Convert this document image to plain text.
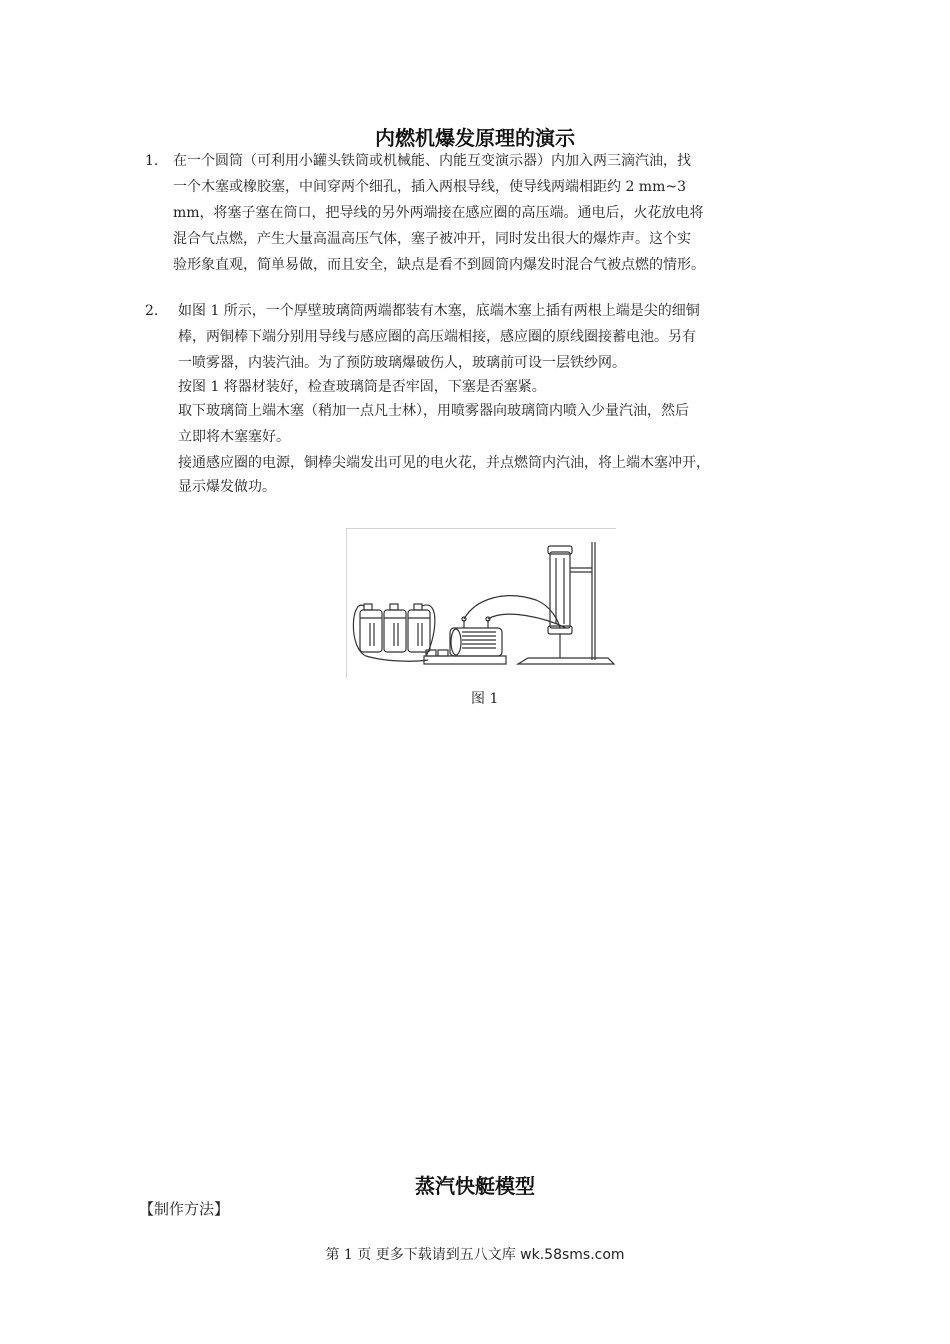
内燃机爆发原理的演示
1. 在一个圆筒（可利用小罐头铁筒或机械能、内能互变演示器）内加入两三滴汽油，找
一个木塞或橡胶塞，中间穿两个细孔，插入两根导线，使导线两端相距约 2 mm~3
mm，将塞子塞在筒口，把导线的另外两端接在感应圈的高压端。通电后，火花放电将
混合气点燃，产生大量高温高压气体，塞子被冲开，同时发出很大的爆炸声。这个实
验形象直观，简单易做，而且安全，缺点是看不到圆筒内爆发时混合气被点燃的情形。
2. 如图 1 所示，一个厚壁玻璃筒两端都装有木塞，底端木塞上插有两根上端是尖的细铜
棒，两铜棒下端分别用导线与感应圈的高压端相接，感应圈的原线圈接蓄电池。另有
一喷雾器，内装汽油。为了预防玻璃爆破伤人，玻璃前可设一层铁纱网。
按图 1 将器材装好，检查玻璃筒是否牢固，下塞是否塞紧。
取下玻璃筒上端木塞（稍加一点凡士林），用喷雾器向玻璃筒内喷入少量汽油，然后
立即将木塞塞好。
接通感应圈的电源，铜棒尖端发出可见的电火花，并点燃筒内汽油，将上端木塞冲开，
显示爆发做功。
图 1
蒸汽快艇模型
【制作方法】
第 1 页 更多下载请到五八文库 wk.58sms.com
